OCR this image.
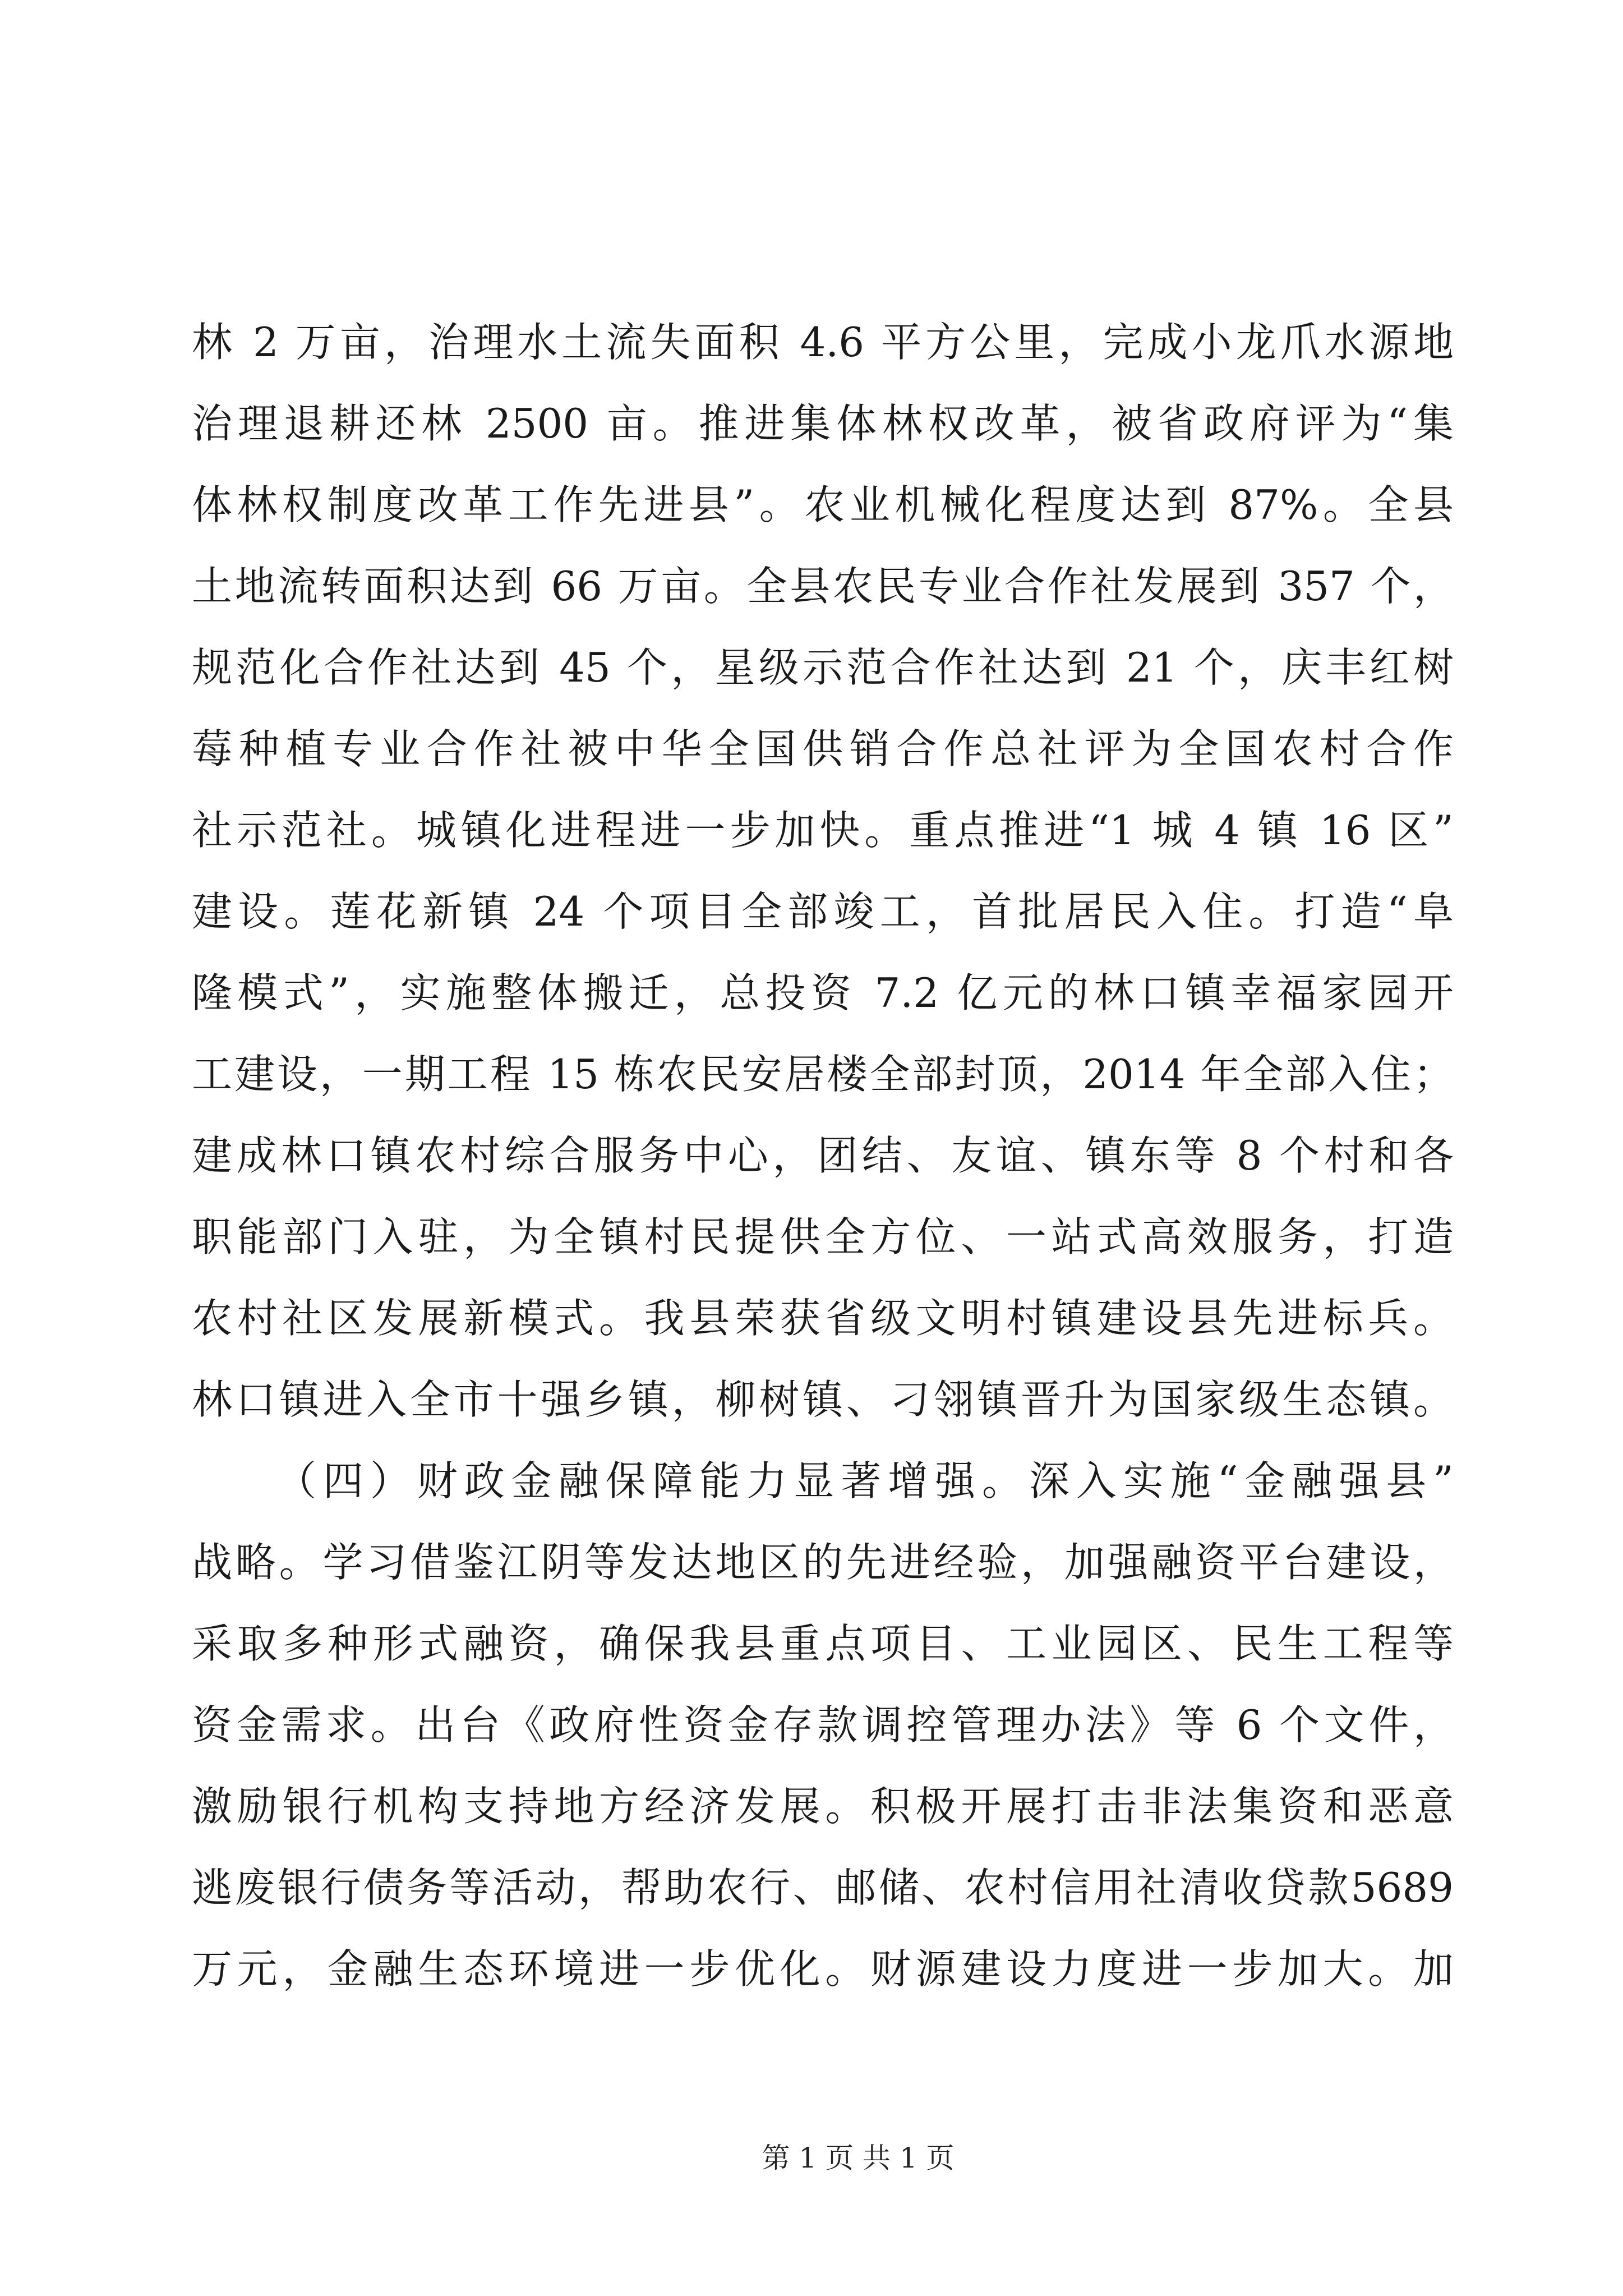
林 2 万亩，治理水土流失面积 4.6 平方公里，完成小龙爪水源地
治理退耕还林 2500 亩。推进集体林权改革，被省政府评为“集
体林权制度改革工作先进县”。农业机械化程度达到 87%。全县
土地流转面积达到 66 万亩。全县农民专业合作社发展到 357 个，
规范化合作社达到 45 个，星级示范合作社达到 21 个，庆丰红树
莓种植专业合作社被中华全国供销合作总社评为全国农村合作
社示范社。城镇化进程进一步加快。重点推进“1 城 4 镇 16 区”
建设。莲花新镇 24 个项目全部竣工，首批居民入住。打造“阜
隆模式”，实施整体搬迁，总投资 7.2 亿元的林口镇幸福家园开
工建设，一期工程 15 栋农民安居楼全部封顶，2014 年全部入住；
建成林口镇农村综合服务中心，团结、友谊、镇东等 8 个村和各
职能部门入驻，为全镇村民提供全方位、一站式高效服务，打造
农村社区发展新模式。我县荣获省级文明村镇建设县先进标兵。
林口镇进入全市十强乡镇，柳树镇、刁翎镇晋升为国家级生态镇。
（四）财政金融保障能力显著增强。深入实施“金融强县”
战略。学习借鉴江阴等发达地区的先进经验，加强融资平台建设，
采取多种形式融资，确保我县重点项目、工业园区、民生工程等
资金需求。出台《政府性资金存款调控管理办法》等 6 个文件，
激励银行机构支持地方经济发展。积极开展打击非法集资和恶意
逃废银行债务等活动，帮助农行、邮储、农村信用社清收贷款5689
万元，金融生态环境进一步优化。财源建设力度进一步加大。加
第 1 页 共 1 页
